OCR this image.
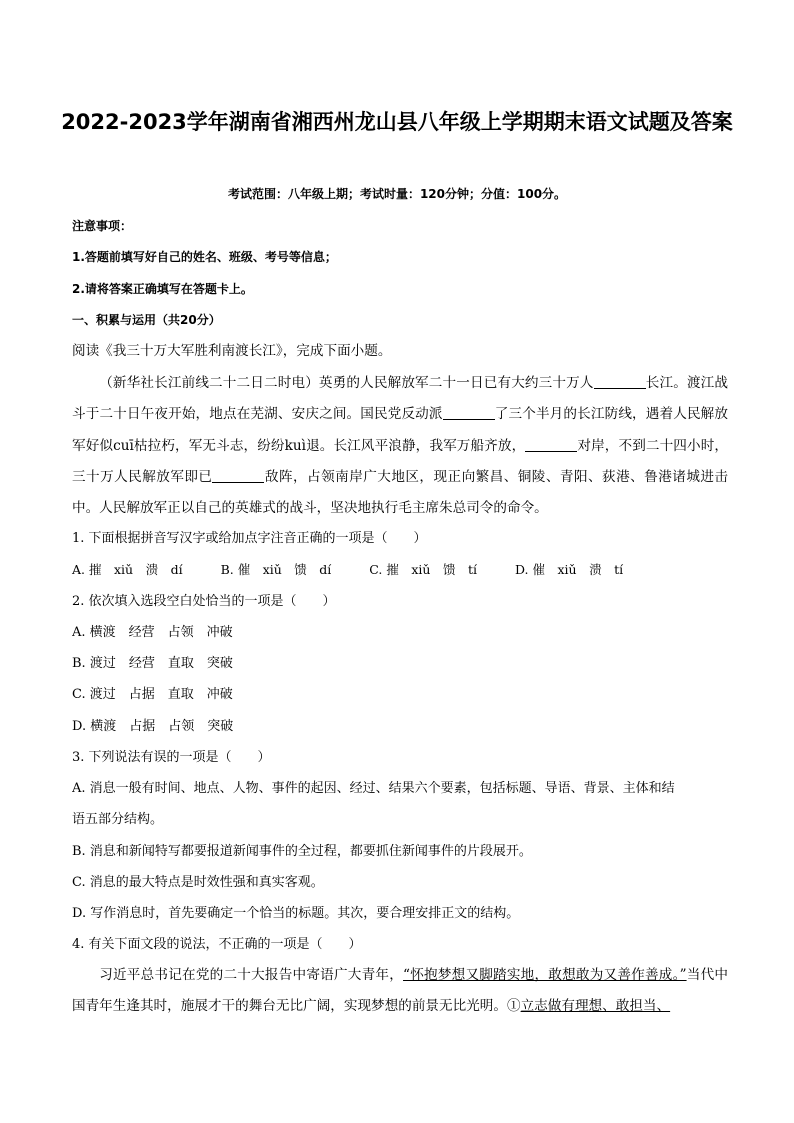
2022-2023学年湖南省湘西州龙山县八年级上学期期末语文试题及答案
考试范围：八年级上期；考试时量：120分钟；分值：100分。
注意事项：
1.答题前填写好自己的姓名、班级、考号等信息；
2.请将答案正确填写在答题卡上。
一、积累与运用（共20分）
阅读《我三十万大军胜利南渡长江》，完成下面小题。
（新华社长江前线二十二日二时电）英勇的人民解放军二十一日已有大约三十万人	长江。渡江战斗于二十日午夜开始，地点在芜湖、安庆之间。国民党反动派	了三个半月的长江防线，遇着人民解放军好似cuī枯拉朽，军无斗志，纷纷kuì退。长江风平浪静，我军万船齐放，	对岸，不到二十四小时，三十万人民解放军即已	敌阵，占领南岸广大地区，现正向繁昌、铜陵、青阳、荻港、鲁港诸城进击中。人民解放军正以自己的英雄式的战斗，坚决地执行毛主席朱总司令的命令。
1. 下面根据拼音写汉字或给加点字注音正确的一项是（　　）
A. 摧　xiǔ　溃　dí	B. 催　xiǔ　馈　dí	C. 摧　xiǔ　馈　tí	D. 催　xiǔ　溃　tí
2. 依次填入选段空白处恰当的一项是（　　）
A. 横渡　经营　占领　冲破
B. 渡过　经营　直取　突破
C. 渡过　占据　直取　冲破
D. 横渡　占据　占领　突破
3. 下列说法有误的一项是（　　）
A. 消息一般有时间、地点、人物、事件的起因、经过、结果六个要素，包括标题、导语、背景、主体和结
语五部分结构。
B. 消息和新闻特写都要报道新闻事件的全过程，都要抓住新闻事件的片段展开。
C. 消息的最大特点是时效性强和真实客观。
D. 写作消息时，首先要确定一个恰当的标题。其次，要合理安排正文的结构。
4. 有关下面文段的说法，不正确的一项是（　　）
习近平总书记在党的二十大报告中寄语广大青年，“怀抱梦想又脚踏实地，敢想敢为又善作善成。”当代中国青年生逢其时，施展才干的舞台无比广阔，实现梦想的前景无比光明。①立志做有理想、敢担当、
